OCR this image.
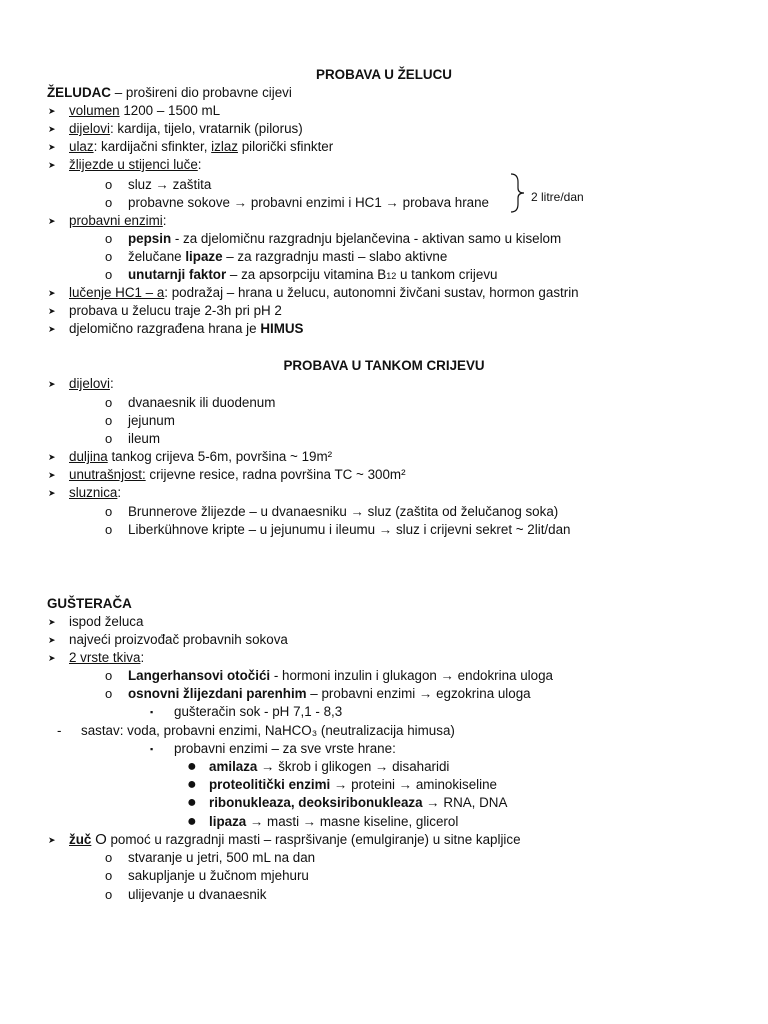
PROBAVA U ŽELUCU
ŽELUDAC – prošireni dio probavne cijevi
➤ volumen 1200 – 1500 mL
➤ dijelovi: kardija, tijelo, vratarnik (pilorus)
➤ ulaz: kardijačni sfinkter, izlaz pilorički sfinkter
➤ žlijezde u stijenci luče:
o sluz → zaštita
o probavne sokove → probavni enzimi i HC1 → probava hrane	2 litre/dan
➤ probavni enzimi:
o pepsin - za djelomičnu razgradnju bjelančevina - aktivan samo u kiselom
o želučane lipaze – za razgradnju masti – slabo aktivne
o unutarnji faktor – za apsorpciju vitamina B12 u tankom crijevu
➤ lučenje HC1 – a: podražaj – hrana u želucu, autonomni živčani sustav, hormon gastrin
➤ probava u želucu traje 2-3h pri pH 2
➤ djelomično razgrađena hrana je HIMUS
PROBAVA U TANKOM CRIJEVU
➤ dijelovi:
o dvanaesnik ili duodenum
o jejunum
o ileum
➤ duljina tankog crijeva 5-6m, površina ~ 19m²
➤ unutrašnjost: crijevne resice, radna površina TC ~ 300m²
➤ sluznica:
o Brunnerove žlijezde – u dvanaesniku → sluz (zaštita od želučanog soka)
o Liberkühnove kripte – u jejunumu i ileumu → sluz i crijevni sekret ~ 2lit/dan
GUŠTERAČA
➤ ispod želuca
➤ najveći proizvođač probavnih sokova
➤ 2 vrste tkiva:
o Langerhansovi otočići - hormoni inzulin i glukagon → endokrina uloga
o osnovni žlijezdani parenhim – probavni enzimi → egzokrina uloga
▪ gušteračin sok - pH 7,1 - 8,3
- sastav: voda, probavni enzimi, NaHCO₃ (neutralizacija himusa)
▪ probavni enzimi – za sve vrste hrane:
● amilaza → škrob i glikogen → disaharidi
● proteolitički enzimi → proteini → aminokiseline
● ribonukleaza, deoksiribonukleaza → RNA, DNA
● lipaza → masti → masne kiseline, glicerol
➤ žuč O pomoć u razgradnji masti – raspršivanje (emulgiranje) u sitne kapljice
o stvaranje u jetri, 500 mL na dan
o sakupljanje u žučnom mjehuru
o ulijevanje u dvanaesnik
